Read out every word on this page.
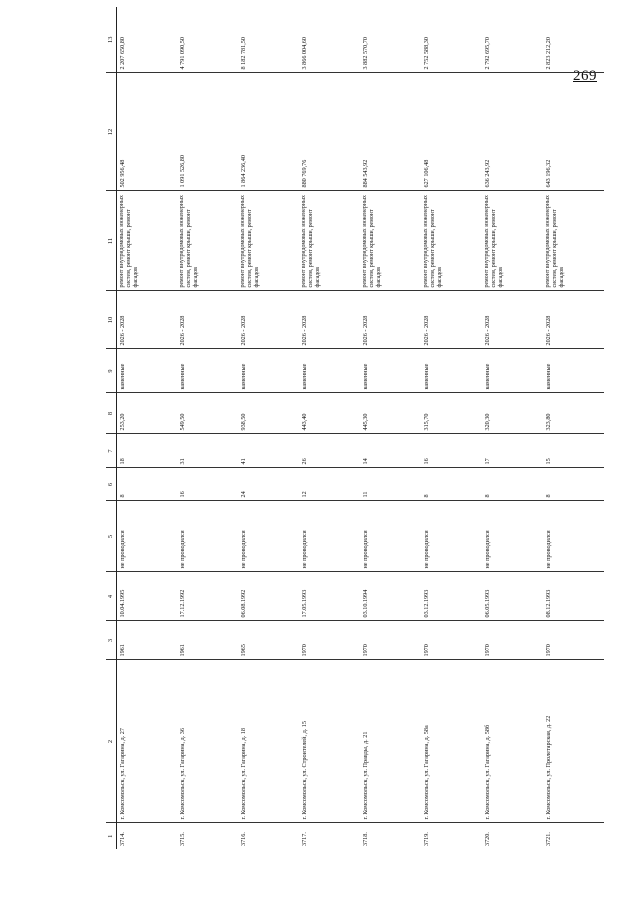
269
1	2	3	4	5	6	7	8	9	10	11	12	13
3714.	г. Комсомольск, ул. Гагарина, д. 27	1961	10.04.1995	не проводился	8	18	253,20	каменные	2026 - 2028	ремонт внутридомовых инженерных систем, ремонт крыши, ремонт фасадов	502 956,48	2 207 650,80
3715.	г. Комсомольск, ул. Гагарина, д. 36	1961	17.12.1992	не проводился	16	31	549,50	каменные	2026 - 2028	ремонт внутридомовых инженерных систем, ремонт крыши, ремонт фасадов	1 091 526,80	4 791 090,50
3716.	г. Комсомольск, ул. Гагарина, д. 18	1965	06.08.1992	не проводился	24	41	938,50	каменные	2026 - 2028	ремонт внутридомовых инженерных систем, ремонт крыши, ремонт фасадов	1 864 236,40	8 182 781,50
3717.	г. Комсомольск, ул. Строителей, д. 15	1970	17.05.1993	не проводился	12	26	443,40	каменные	2026 - 2028	ремонт внутридомовых инженерных систем, ремонт крыши, ремонт фасадов	880 769,76	3 866 004,60
3718.	г. Комсомольск, ул. Правды, д. 21	1970	03.10.1994	не проводился	11	14	445,30	каменные	2026 - 2028	ремонт внутридомовых инженерных систем, ремонт крыши, ремонт фасадов	884 543,92	3 882 570,70
3719.	г. Комсомольск, ул. Гагарина, д. 58а	1970	03.12.1993	не проводился	8	16	315,70	каменные	2026 - 2028	ремонт внутридомовых инженерных систем, ремонт крыши, ремонт фасадов	627 106,48	2 752 588,30
3720.	г. Комсомольск, ул. Гагарина, д. 58б	1970	06.05.1993	не проводился	8	17	320,30	каменные	2026 - 2028	ремонт внутридомовых инженерных систем, ремонт крыши, ремонт фасадов	636 243,92	2 792 695,70
3721.	г. Комсомольск, ул. Пролетарская, д. 22	1970	08.12.1993	не проводился	8	15	323,80	каменные	2026 - 2028	ремонт внутридомовых инженерных систем, ремонт крыши, ремонт фасадов	643 196,32	2 823 212,20
